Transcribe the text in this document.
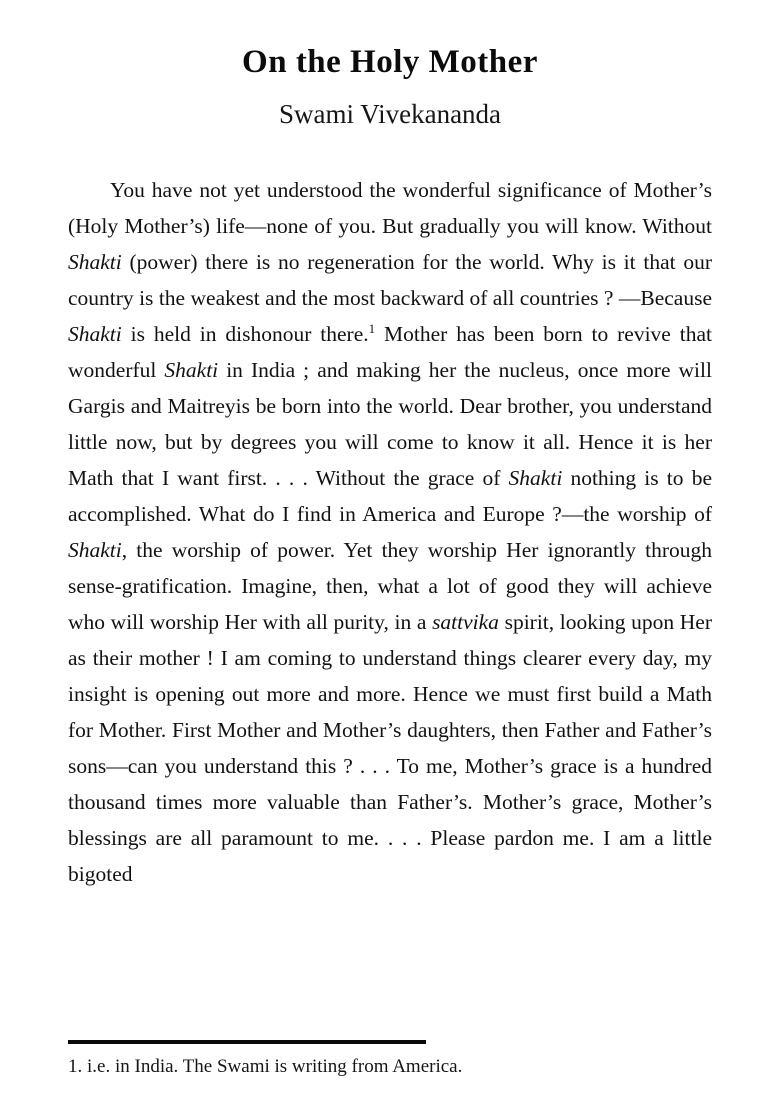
On the Holy Mother
Swami Vivekananda

You have not yet understood the wonderful significance of Mother’s (Holy Mother’s) life—none of you. But gradually you will know. Without Shakti (power) there is no regeneration for the world. Why is it that our country is the weakest and the most backward of all countries ? —Because Shakti is held in dishonour there.$^1$ Mother has been born to revive that wonderful Shakti in India ; and making her the nucleus, once more will Gargis and Maitreyis be born into the world. Dear brother, you understand little now, but by degrees you will come to know it all. Hence it is her Math that I want first. . . . Without the grace of Shakti nothing is to be accomplished. What do I find in America and Europe ?—the worship of Shakti, the worship of power. Yet they worship Her ignorantly through sense-gratification. Imagine, then, what a lot of good they will achieve who will worship Her with all purity, in a sattvika spirit, looking upon Her as their mother ! I am coming to understand things clearer every day, my insight is opening out more and more. Hence we must first build a Math for Mother. First Mother and Mother’s daughters, then Father and Father’s sons—can you understand this ? . . . To me, Mother’s grace is a hundred thousand times more valuable than Father’s. Mother’s grace, Mother’s blessings are all paramount to me. . . . Please pardon me. I am a little bigoted

1. i.e. in India. The Swami is writing from America.
